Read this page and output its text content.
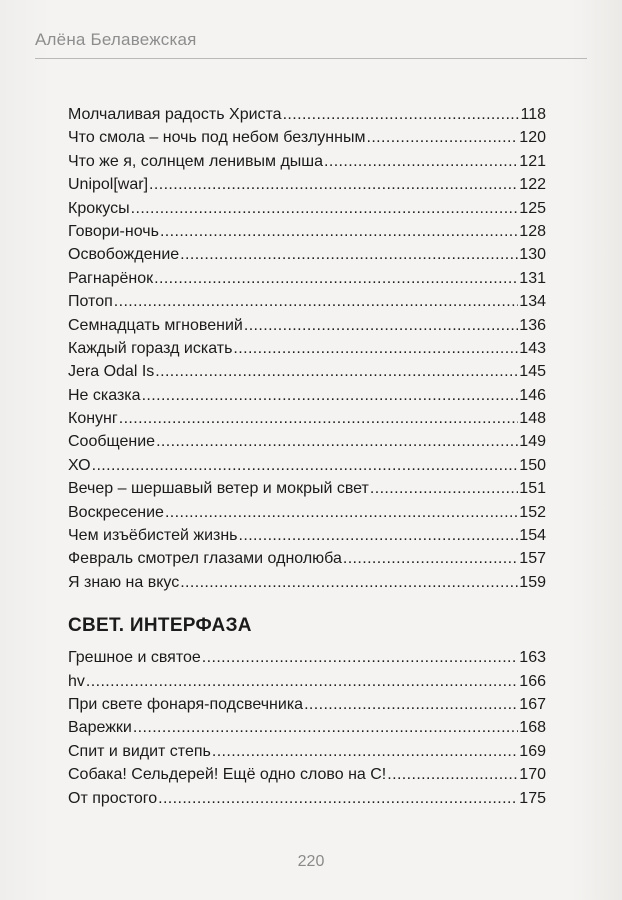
Алёна Белавежская
Молчаливая радость Христа .....	118
Что смола – ночь под небом безлунным .....	120
Что же я, солнцем ленивым дыша .....	121
Unipol[war] .....	122
Крокусы .....	125
Говори-ночь .....	128
Освобождение .....	130
Рагнарёнок .....	131
Потоп .....	134
Семнадцать мгновений .....	136
Каждый горазд искать .....	143
Jera Odal Is .....	145
Не сказка .....	146
Конунг .....	148
Сообщение .....	149
ХО .....	150
Вечер – шершавый ветер и мокрый свет .....	151
Воскресение .....	152
Чем изъёбистей жизнь .....	154
Февраль смотрел глазами однолюба .....	157
Я знаю на вкус .....	159
СВЕТ. ИНТЕРФАЗА
Грешное и святое .....	163
hv .....	166
При свете фонаря-подсвечника .....	167
Варежки .....	168
Спит и видит степь .....	169
Собака! Сельдерей! Ещё одно слово на С! .....	170
От простого .....	175
220
